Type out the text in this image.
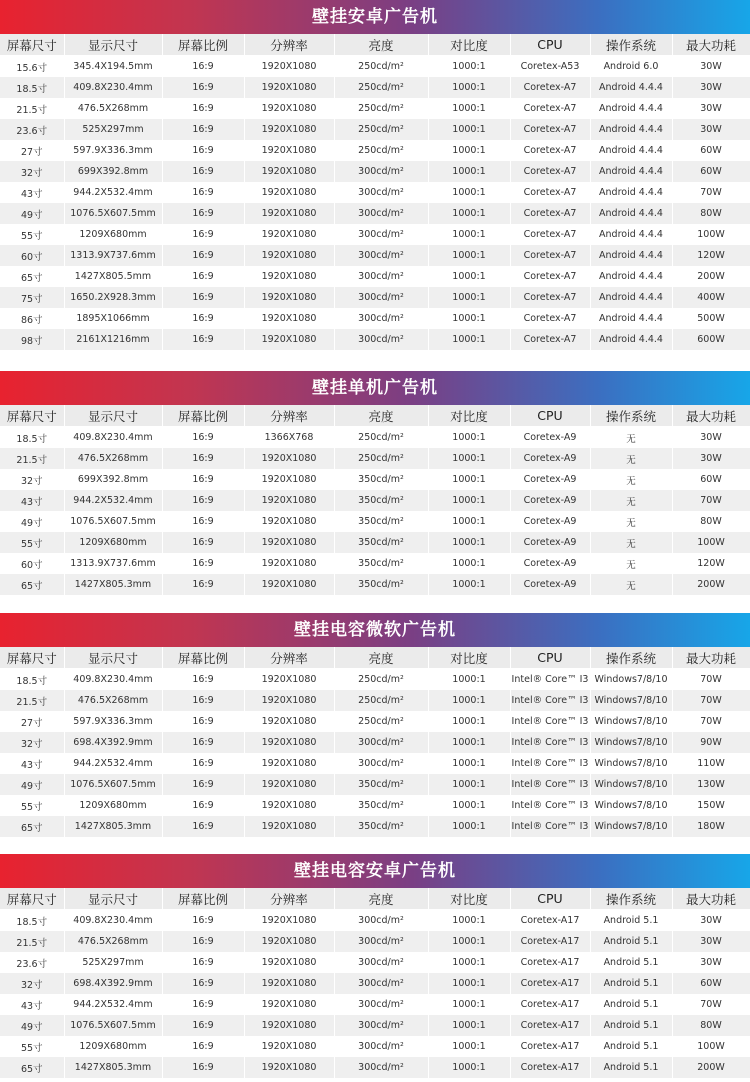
壁挂安卓广告机
屏幕尺寸	显示尺寸	屏幕比例	分辨率	亮度	对比度	CPU	操作系统	最大功耗
15.6寸	345.4X194.5mm	16:9	1920X1080	250cd/m²	1000:1	Coretex-A53	Android 6.0	30W
18.5寸	409.8X230.4mm	16:9	1920X1080	250cd/m²	1000:1	Coretex-A7	Android 4.4.4	30W
21.5寸	476.5X268mm	16:9	1920X1080	250cd/m²	1000:1	Coretex-A7	Android 4.4.4	30W
23.6寸	525X297mm	16:9	1920X1080	250cd/m²	1000:1	Coretex-A7	Android 4.4.4	30W
27寸	597.9X336.3mm	16:9	1920X1080	250cd/m²	1000:1	Coretex-A7	Android 4.4.4	60W
32寸	699X392.8mm	16:9	1920X1080	300cd/m²	1000:1	Coretex-A7	Android 4.4.4	60W
43寸	944.2X532.4mm	16:9	1920X1080	300cd/m²	1000:1	Coretex-A7	Android 4.4.4	70W
49寸	1076.5X607.5mm	16:9	1920X1080	300cd/m²	1000:1	Coretex-A7	Android 4.4.4	80W
55寸	1209X680mm	16:9	1920X1080	300cd/m²	1000:1	Coretex-A7	Android 4.4.4	100W
60寸	1313.9X737.6mm	16:9	1920X1080	300cd/m²	1000:1	Coretex-A7	Android 4.4.4	120W
65寸	1427X805.5mm	16:9	1920X1080	300cd/m²	1000:1	Coretex-A7	Android 4.4.4	200W
75寸	1650.2X928.3mm	16:9	1920X1080	300cd/m²	1000:1	Coretex-A7	Android 4.4.4	400W
86寸	1895X1066mm	16:9	1920X1080	300cd/m²	1000:1	Coretex-A7	Android 4.4.4	500W
98寸	2161X1216mm	16:9	1920X1080	300cd/m²	1000:1	Coretex-A7	Android 4.4.4	600W
壁挂单机广告机
屏幕尺寸	显示尺寸	屏幕比例	分辨率	亮度	对比度	CPU	操作系统	最大功耗
18.5寸	409.8X230.4mm	16:9	1366X768	250cd/m²	1000:1	Coretex-A9	无	30W
21.5寸	476.5X268mm	16:9	1920X1080	250cd/m²	1000:1	Coretex-A9	无	30W
32寸	699X392.8mm	16:9	1920X1080	350cd/m²	1000:1	Coretex-A9	无	60W
43寸	944.2X532.4mm	16:9	1920X1080	350cd/m²	1000:1	Coretex-A9	无	70W
49寸	1076.5X607.5mm	16:9	1920X1080	350cd/m²	1000:1	Coretex-A9	无	80W
55寸	1209X680mm	16:9	1920X1080	350cd/m²	1000:1	Coretex-A9	无	100W
60寸	1313.9X737.6mm	16:9	1920X1080	350cd/m²	1000:1	Coretex-A9	无	120W
65寸	1427X805.3mm	16:9	1920X1080	350cd/m²	1000:1	Coretex-A9	无	200W
壁挂电容微软广告机
屏幕尺寸	显示尺寸	屏幕比例	分辨率	亮度	对比度	CPU	操作系统	最大功耗
18.5寸	409.8X230.4mm	16:9	1920X1080	250cd/m²	1000:1	Intel® Core™ I3	Windows7/8/10	70W
21.5寸	476.5X268mm	16:9	1920X1080	250cd/m²	1000:1	Intel® Core™ I3	Windows7/8/10	70W
27寸	597.9X336.3mm	16:9	1920X1080	250cd/m²	1000:1	Intel® Core™ I3	Windows7/8/10	70W
32寸	698.4X392.9mm	16:9	1920X1080	300cd/m²	1000:1	Intel® Core™ I3	Windows7/8/10	90W
43寸	944.2X532.4mm	16:9	1920X1080	300cd/m²	1000:1	Intel® Core™ I3	Windows7/8/10	110W
49寸	1076.5X607.5mm	16:9	1920X1080	350cd/m²	1000:1	Intel® Core™ I3	Windows7/8/10	130W
55寸	1209X680mm	16:9	1920X1080	350cd/m²	1000:1	Intel® Core™ I3	Windows7/8/10	150W
65寸	1427X805.3mm	16:9	1920X1080	350cd/m²	1000:1	Intel® Core™ I3	Windows7/8/10	180W
壁挂电容安卓广告机
屏幕尺寸	显示尺寸	屏幕比例	分辨率	亮度	对比度	CPU	操作系统	最大功耗
18.5寸	409.8X230.4mm	16:9	1920X1080	300cd/m²	1000:1	Coretex-A17	Android 5.1	30W
21.5寸	476.5X268mm	16:9	1920X1080	300cd/m²	1000:1	Coretex-A17	Android 5.1	30W
23.6寸	525X297mm	16:9	1920X1080	300cd/m²	1000:1	Coretex-A17	Android 5.1	30W
32寸	698.4X392.9mm	16:9	1920X1080	300cd/m²	1000:1	Coretex-A17	Android 5.1	60W
43寸	944.2X532.4mm	16:9	1920X1080	300cd/m²	1000:1	Coretex-A17	Android 5.1	70W
49寸	1076.5X607.5mm	16:9	1920X1080	300cd/m²	1000:1	Coretex-A17	Android 5.1	80W
55寸	1209X680mm	16:9	1920X1080	300cd/m²	1000:1	Coretex-A17	Android 5.1	100W
65寸	1427X805.3mm	16:9	1920X1080	300cd/m²	1000:1	Coretex-A17	Android 5.1	200W
